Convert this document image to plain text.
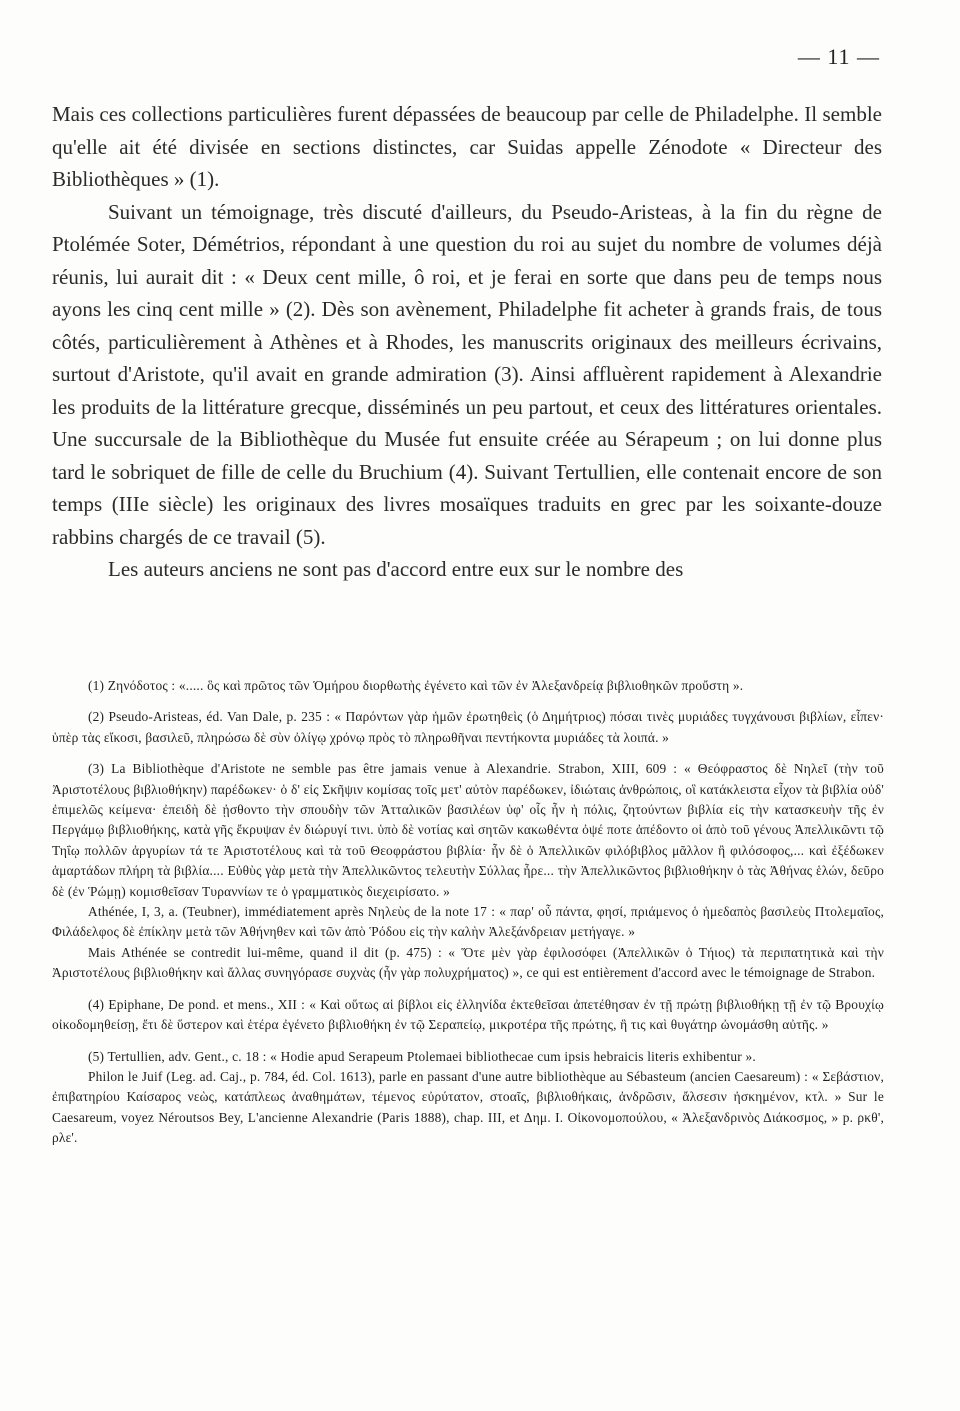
— 11 —

Mais ces collections particulières furent dépassées de beaucoup par celle de Philadelphe. Il semble qu'elle ait été divisée en sections distinctes, car Suidas appelle Zénodote « Directeur des Bibliothèques » (1).

Suivant un témoignage, très discuté d'ailleurs, du Pseudo-Aristeas, à la fin du règne de Ptolémée Soter, Démétrios, répondant à une question du roi au sujet du nombre de volumes déjà réunis, lui aurait dit : « Deux cent mille, ô roi, et je ferai en sorte que dans peu de temps nous ayons les cinq cent mille » (2). Dès son avènement, Philadelphe fit acheter à grands frais, de tous côtés, particulièrement à Athènes et à Rhodes, les manuscrits originaux des meilleurs écrivains, surtout d'Aristote, qu'il avait en grande admiration (3). Ainsi affluèrent rapidement à Alexandrie les produits de la littérature grecque, disséminés un peu partout, et ceux des littératures orientales. Une succursale de la Bibliothèque du Musée fut ensuite créée au Sérapeum ; on lui donne plus tard le sobriquet de fille de celle du Bruchium (4). Suivant Tertullien, elle contenait encore de son temps (IIIe siècle) les originaux des livres mosaïques traduits en grec par les soixante-douze rabbins chargés de ce travail (5).

Les auteurs anciens ne sont pas d'accord entre eux sur le nombre des

(1) Ζηνόδοτος : «..... ὃς καὶ πρῶτος τῶν Ὁμήρου διορθωτὴς ἐγένετο καὶ τῶν ἐν Ἀλεξανδρείᾳ βιβλιοθηκῶν προὔστη ».

(2) Pseudo-Aristeas, éd. Van Dale, p. 235 : « Παρόντων γὰρ ἡμῶν ἐρωτηθεὶς (ὁ Δημήτριος) πόσαι τινὲς μυριάδες τυγχάνουσι βιβλίων, εἶπεν· ὑπὲρ τὰς εἴκοσι, βασιλεῦ, πληρώσω δὲ σὺν ὀλίγῳ χρόνῳ πρὸς τὸ πληρωθῆναι πεντήκοντα μυριάδες τὰ λοιπά. »

(3) La Bibliothèque d'Aristote ne semble pas être jamais venue à Alexandrie. Strabon, XIII, 609 : « Θεόφραστος δὲ Νηλεῖ (τὴν τοῦ Ἀριστοτέλους βιβλιοθήκην) παρέδωκεν· ὁ δ' εἰς Σκῆψιν κομίσας τοῖς μετ' αὐτὸν παρέδωκεν, ἰδιώταις ἀνθρώποις, οἳ κατάκλειστα εἶχον τὰ βιβλία οὐδ' ἐπιμελῶς κείμενα· ἐπειδὴ δὲ ᾐσθοντο τὴν σπουδὴν τῶν Ἀτταλικῶν βασιλέων ὑφ' οἷς ἦν ἡ πόλις, ζητούντων βιβλία εἰς τὴν κατασκευὴν τῆς ἐν Περγάμῳ βιβλιοθήκης, κατὰ γῆς ἔκρυψαν ἐν διώρυγί τινι. ὑπὸ δὲ νοτίας καὶ σητῶν κακωθέντα ὀψέ ποτε ἀπέδοντο οἱ ἀπὸ τοῦ γένους Ἀπελλικῶντι τῷ Τηΐῳ πολλῶν ἀργυρίων τά τε Ἀριστοτέλους καὶ τὰ τοῦ Θεοφράστου βιβλία· ἦν δὲ ὁ Ἀπελλικῶν φιλόβιβλος μᾶλλον ἢ φιλόσοφος,... καὶ ἐξέδωκεν ἁμαρτάδων πλήρη τὰ βιβλία.... Εὐθὺς γὰρ μετὰ τὴν Ἀπελλικῶντος τελευτὴν Σύλλας ἦρε... τὴν Ἀπελλικῶντος βιβλιοθήκην ὁ τὰς Ἀθήνας ἑλών, δεῦρο δὲ (ἐν Ῥώμῃ) κομισθεῖσαν Τυραννίων τε ὁ γραμματικὸς διεχειρίσατο. »

Athénée, I, 3, a. (Teubner), immédiatement après Νηλεὺς de la note 17 : « παρ' οὗ πάντα, φησί, πριάμενος ὁ ἡμεδαπὸς βασιλεὺς Πτολεμαῖος, Φιλάδελφος δὲ ἐπίκλην μετὰ τῶν Ἀθήνηθεν καὶ τῶν ἀπὸ Ῥόδου εἰς τὴν καλὴν Ἀλεξάνδρειαν μετήγαγε. »

Mais Athénée se contredit lui-même, quand il dit (p. 475) : « Ὅτε μὲν γὰρ ἐφιλοσόφει (Ἀπελλικῶν ὁ Τήιος) τὰ περιπατητικὰ καὶ τὴν Ἀριστοτέλους βιβλιοθήκην καὶ ἄλλας συνηγόρασε συχνὰς (ἦν γὰρ πολυχρήματος) », ce qui est entièrement d'accord avec le témoignage de Strabon.

(4) Epiphane, De pond. et mens., XII : « Καὶ οὕτως αἱ βίβλοι εἰς ἑλληνίδα ἐκτεθεῖσαι ἀπετέθησαν ἐν τῇ πρώτῃ βιβλιοθήκῃ τῇ ἐν τῷ Βρουχίῳ οἰκοδομηθείσῃ, ἔτι δὲ ὕστερον καὶ ἑτέρα ἐγένετο βιβλιοθήκη ἐν τῷ Σεραπείῳ, μικροτέρα τῆς πρώτης, ἣ τις καὶ θυγάτηρ ὠνομάσθη αὐτῆς. »

(5) Tertullien, adv. Gent., c. 18 : « Hodie apud Serapeum Ptolemaei bibliothecae cum ipsis hebraicis literis exhibentur ».

Philon le Juif (Leg. ad. Caj., p. 784, éd. Col. 1613), parle en passant d'une autre bibliothèque au Sébasteum (ancien Caesareum) : « Σεβάστιον, ἐπιβατηρίου Καίσαρος νεὼς, κατάπλεως ἀναθημάτων, τέμενος εὐρύτατον, στοαῖς, βιβλιοθήκαις, ἀνδρῶσιν, ἄλσεσιν ἠσκημένον, κτλ. » Sur le Caesareum, voyez Néroutsos Bey, L'ancienne Alexandrie (Paris 1888), chap. III, et Δημ. Ι. Οἰκονομοπούλου, « Ἀλεξανδρινὸς Διάκοσμος, » p. ρκθ', ρλε'.
